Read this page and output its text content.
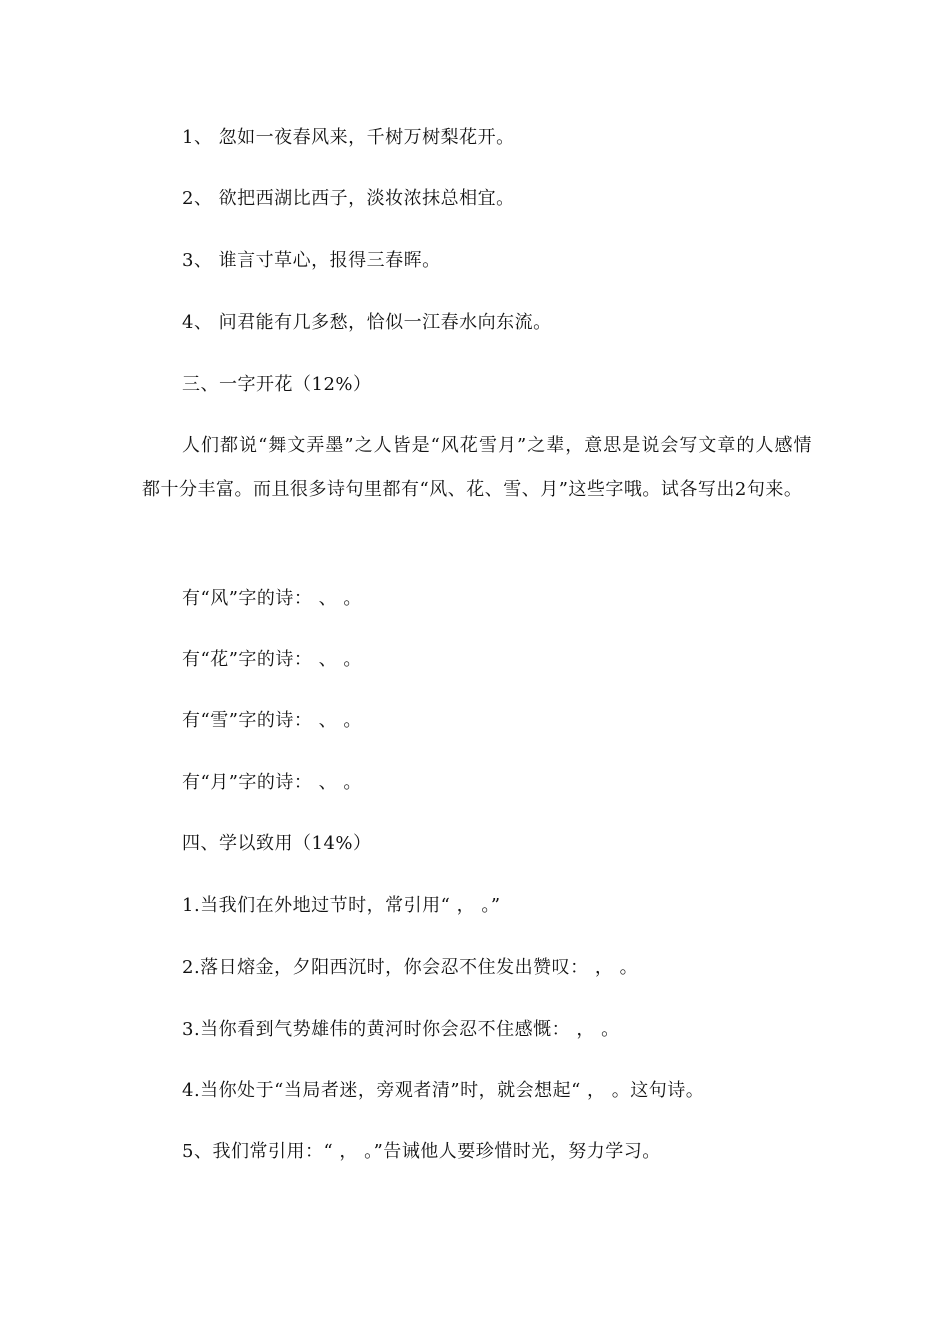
1、 忽如一夜春风来，千树万树梨花开。
2、 欲把西湖比西子，淡妆浓抹总相宜。
3、 谁言寸草心，报得三春晖。
4、 问君能有几多愁，恰似一江春水向东流。
三、一字开花（12%）
人们都说“舞文弄墨”之人皆是“风花雪月”之辈，意思是说会写文章的人感情都十分丰富。而且很多诗句里都有“风、花、雪、月”这些字哦。试各写出2句来。
有“风”字的诗： 、 。
有“花”字的诗： 、 。
有“雪”字的诗： 、 。
有“月”字的诗： 、 。
四、学以致用（14%）
1.当我们在外地过节时，常引用“ ， 。”
2.落日熔金，夕阳西沉时，你会忍不住发出赞叹： ， 。
3.当你看到气势雄伟的黄河时你会忍不住感慨： ， 。
4.当你处于“当局者迷，旁观者清”时，就会想起“ ， 。这句诗。
5、我们常引用：“ ， 。”告诫他人要珍惜时光，努力学习。
